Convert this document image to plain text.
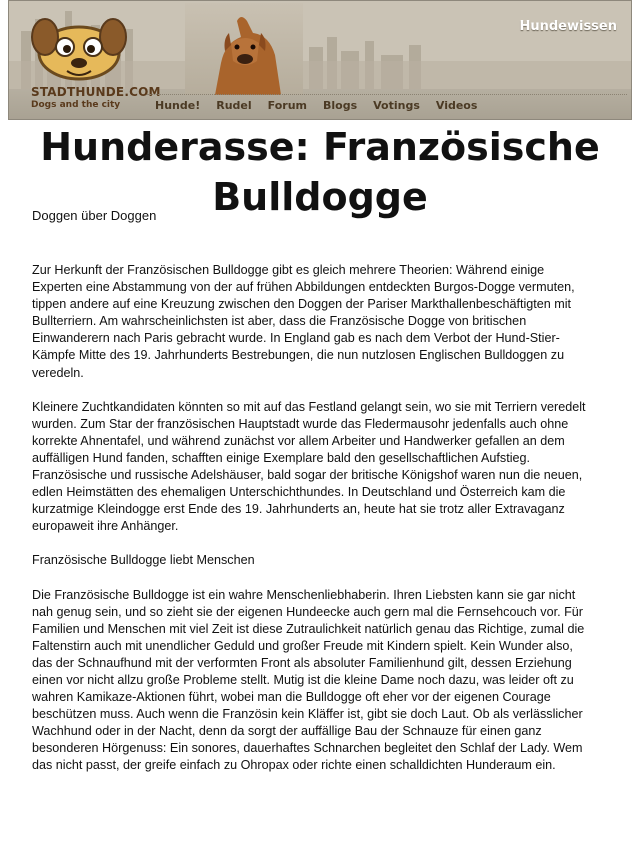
STADTHUNDE.COM
Dogs and the city
Hundewissen
Hunde!	Rudel	Forum	Blogs	Votings	Videos
Hunderasse: Französische
Bulldogge
Doggen über Doggen

Zur Herkunft der Französischen Bulldogge gibt es gleich mehrere Theorien: Während einige Experten eine Abstammung von der auf frühen Abbildungen entdeckten Burgos-Dogge vermuten, tippen andere auf eine Kreuzung zwischen den Doggen der Pariser Markthallenbeschäftigten mit Bullterriern. Am wahrscheinlichsten ist aber, dass die Französische Dogge von britischen Einwanderern nach Paris gebracht wurde. In England gab es nach dem Verbot der Hund-Stier-Kämpfe Mitte des 19. Jahrhunderts Bestrebungen, die nun nutzlosen Englischen Bulldoggen zu veredeln.

Kleinere Zuchtkandidaten könnten so mit auf das Festland gelangt sein, wo sie mit Terriern veredelt wurden. Zum Star der französischen Hauptstadt wurde das Fledermausohr jedenfalls auch ohne korrekte Ahnentafel, und während zunächst vor allem Arbeiter und Handwerker gefallen an dem auffälligen Hund fanden, schafften einige Exemplare bald den gesellschaftlichen Aufstieg. Französische und russische Adelshäuser, bald sogar der britische Königshof waren nun die neuen, edlen Heimstätten des ehemaligen Unterschichthundes. In Deutschland und Österreich kam die kurzatmige Kleindogge erst Ende des 19. Jahrhunderts an, heute hat sie trotz aller Extravaganz europaweit ihre Anhänger.

Französische Bulldogge liebt Menschen

Die Französische Bulldogge ist ein wahre Menschenliebhaberin. Ihren Liebsten kann sie gar nicht nah genug sein, und so zieht sie der eigenen Hundeecke auch gern mal die Fernsehcouch vor. Für Familien und Menschen mit viel Zeit ist diese Zutraulichkeit natürlich genau das Richtige, zumal die Faltenstirn auch mit unendlicher Geduld und großer Freude mit Kindern spielt. Kein Wunder also, das der Schnaufhund mit der verformten Front als absoluter Familienhund gilt, dessen Erziehung einen vor nicht allzu große Probleme stellt. Mutig ist die kleine Dame noch dazu, was leider oft zu wahren Kamikaze-Aktionen führt, wobei man die Bulldogge oft eher vor der eigenen Courage beschützen muss. Auch wenn die Französin kein Kläffer ist, gibt sie doch Laut. Ob als verlässlicher Wachhund oder in der Nacht, denn da sorgt der auffällige Bau der Schnauze für einen ganz besonderen Hörgenuss: Ein sonores, dauerhaftes Schnarchen begleitet den Schlaf der Lady. Wem das nicht passt, der greife einfach zu Ohropax oder richte einen schalldichten Hunderaum ein.
